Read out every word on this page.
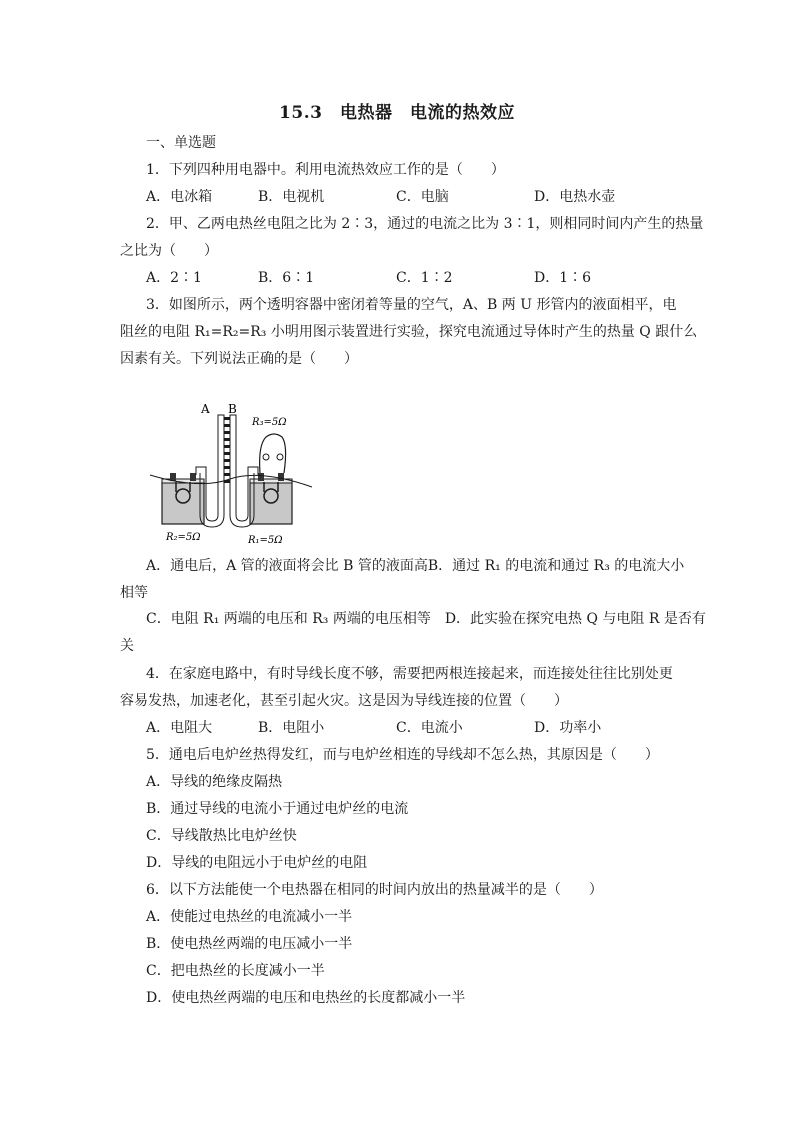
15.3　电热器　电流的热效应
一、单选题
1．下列四种用电器中。利用电流热效应工作的是（　　）
A．电冰箱	B．电视机	C．电脑	D．电热水壶
2．甲、乙两电热丝电阻之比为 2∶3，通过的电流之比为 3∶1，则相同时间内产生的热量
之比为（　　）
A．2∶1	B．6∶1	C．1∶2	D．1∶6
3．如图所示，两个透明容器中密闭着等量的空气，A、B 两 U 形管内的液面相平，电
阻丝的电阻 R₁=R₂=R₃ 小明用图示装置进行实验，探究电流通过导体时产生的热量 Q 跟什么
因素有关。下列说法正确的是（　　）
A B
R₃=5Ω
R₂=5Ω	R₁=5Ω
A．通电后，A 管的液面将会比 B 管的液面高B．通过 R₁ 的电流和通过 R₃ 的电流大小
相等
C．电阻 R₁ 两端的电压和 R₃ 两端的电压相等　D．此实验在探究电热 Q 与电阻 R 是否有
关
4．在家庭电路中，有时导线长度不够，需要把两根连接起来，而连接处往往比别处更
容易发热，加速老化，甚至引起火灾。这是因为导线连接的位置（　　）
A．电阻大	B．电阻小	C．电流小	D．功率小
5．通电后电炉丝热得发红，而与电炉丝相连的导线却不怎么热，其原因是（　　）
A．导线的绝缘皮隔热
B．通过导线的电流小于通过电炉丝的电流
C．导线散热比电炉丝快
D．导线的电阻远小于电炉丝的电阻
6．以下方法能使一个电热器在相同的时间内放出的热量减半的是（　　）
A．使能过电热丝的电流减小一半
B．使电热丝两端的电压减小一半
C．把电热丝的长度减小一半
D．使电热丝两端的电压和电热丝的长度都减小一半
